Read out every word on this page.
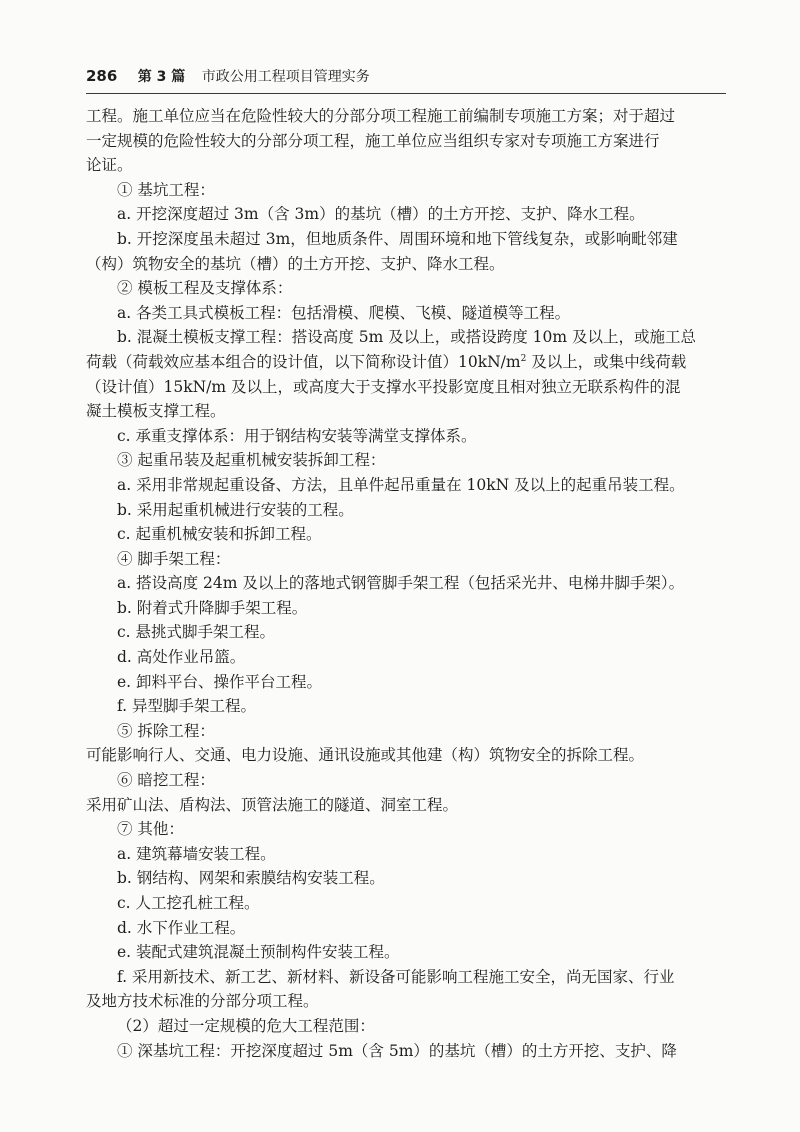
286 第 3 篇 市政公用工程项目管理实务

工程。施工单位应当在危险性较大的分部分项工程施工前编制专项施工方案；对于超过

一定规模的危险性较大的分部分项工程，施工单位应当组织专家对专项施工方案进行

论证。

① 基坑工程：

a. 开挖深度超过 3m（含 3m）的基坑（槽）的土方开挖、支护、降水工程。

b. 开挖深度虽未超过 3m，但地质条件、周围环境和地下管线复杂，或影响毗邻建

（构）筑物安全的基坑（槽）的土方开挖、支护、降水工程。

② 模板工程及支撑体系：

a. 各类工具式模板工程：包括滑模、爬模、飞模、隧道模等工程。

b. 混凝土模板支撑工程：搭设高度 5m 及以上，或搭设跨度 10m 及以上，或施工总

荷载（荷载效应基本组合的设计值，以下简称设计值）$10kN/m^2$ 及以上，或集中线荷载

（设计值）15kN/m 及以上，或高度大于支撑水平投影宽度且相对独立无联系构件的混

凝土模板支撑工程。

c. 承重支撑体系：用于钢结构安装等满堂支撑体系。

③ 起重吊装及起重机械安装拆卸工程：

a. 采用非常规起重设备、方法，且单件起吊重量在 10kN 及以上的起重吊装工程。

b. 采用起重机械进行安装的工程。

c. 起重机械安装和拆卸工程。

④ 脚手架工程：

a. 搭设高度 24m 及以上的落地式钢管脚手架工程（包括采光井、电梯井脚手架）。

b. 附着式升降脚手架工程。

c. 悬挑式脚手架工程。

d. 高处作业吊篮。

e. 卸料平台、操作平台工程。

f. 异型脚手架工程。

⑤ 拆除工程：

可能影响行人、交通、电力设施、通讯设施或其他建（构）筑物安全的拆除工程。

⑥ 暗挖工程：

采用矿山法、盾构法、顶管法施工的隧道、洞室工程。

⑦ 其他：

a. 建筑幕墙安装工程。

b. 钢结构、网架和索膜结构安装工程。

c. 人工挖孔桩工程。

d. 水下作业工程。

e. 装配式建筑混凝土预制构件安装工程。

f. 采用新技术、新工艺、新材料、新设备可能影响工程施工安全，尚无国家、行业

及地方技术标准的分部分项工程。

（2）超过一定规模的危大工程范围：

① 深基坑工程：开挖深度超过 5m（含 5m）的基坑（槽）的土方开挖、支护、降
